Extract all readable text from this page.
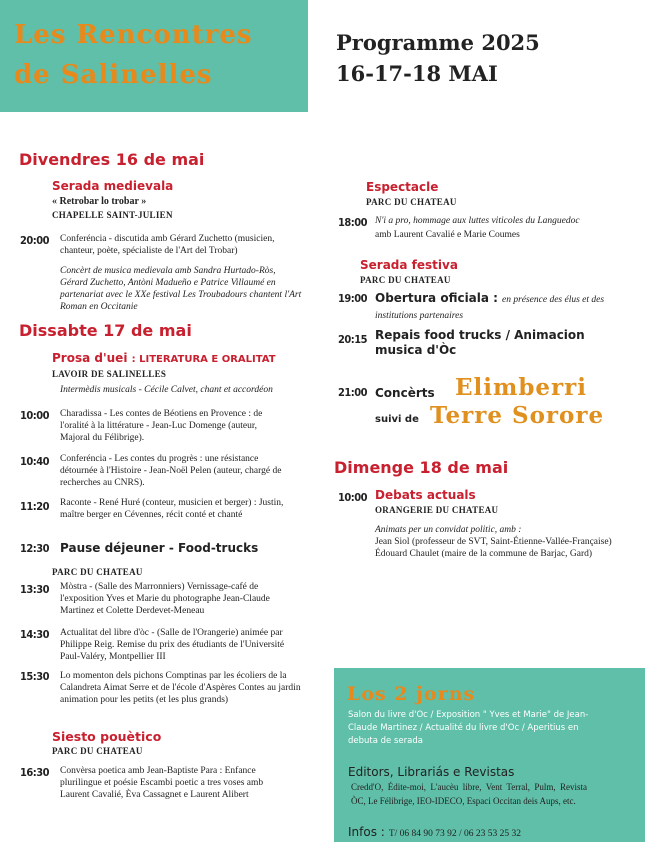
Les Rencontres
de Salinelles
Programme 2025
16-17-18 MAI
Divendres 16 de mai
Serada medievala
« Retrobar lo trobar »
CHAPELLE SAINT-JULIEN
20:00 Conferéncia - discutida amb Gérard Zuchetto (musicien, chanteur, poète, spécialiste de l'Art del Trobar)
Concèrt de musica medievala amb Sandra Hurtado-Ròs, Gérard Zuchetto, Antòni Madueño e Patrice Villaumé en partenariat avec le XXe festival Les Troubadours chantent l'Art Roman en Occitanie
Dissabte 17 de mai
Prosa d'uei : LITERATURA E ORALITAT
LAVOIR DE SALINELLES
Intermèdis musicals - Cécile Calvet, chant et accordéon
10:00 Charadissa - Les contes de Béotiens en Provence : de l'oralité à la littérature - Jean-Luc Domenge (auteur, Majoral du Félibrige).
10:40 Conferéncia - Les contes du progrès : une résistance détournée à l'Histoire - Jean-Noël Pelen (auteur, chargé de recherches au CNRS).
11:20 Raconte - René Huré (conteur, musicien et berger) : Justin, maître berger en Cévennes, récit conté et chanté
12:30 Pause déjeuner - Food-trucks
PARC DU CHATEAU
13:30 Mòstra - (Salle des Marronniers) Vernissage-café de l'exposition Yves et Marie du photographe Jean-Claude Martinez et Colette Derdevet-Meneau
14:30 Actualitat del libre d'òc - (Salle de l'Orangerie) animée par Philippe Reig. Remise du prix des étudiants de l'Université Paul-Valéry, Montpellier III
15:30 Lo momenton dels pichons Comptinas par les écoliers de la Calandreta Aimat Serre et de l'école d'Aspères Contes au jardin animation pour les petits (et les plus grands)
Siesto pouètico
PARC DU CHATEAU
16:30 Convèrsa poetica amb Jean-Baptiste Para : Enfance plurilingue et poésie Escambi poetic a tres voses amb Laurent Cavalié, Èva Cassagnet e Laurent Alibert
Espectacle
PARC DU CHATEAU
18:00 N'i a pro, hommage aux luttes viticoles du Languedoc
amb Laurent Cavalié e Marie Coumes
Serada festiva
PARC DU CHATEAU
19:00 Obertura oficiala : en présence des élus et des institutions partenaires
20:15 Repais food trucks / Animacion musica d'Òc
21:00 Concèrts Elimberri
suivi de Terre Sorore
Dimenge 18 de mai
10:00 Debats actuals
ORANGERIE DU CHATEAU
Animats per un convidat politic, amb :
Jean Siol (professeur de SVT, Saint-Étienne-Vallée-Française)
Édouard Chaulet (maire de la commune de Barjac, Gard)
Los 2 jorns
Salon du livre d'Oc / Exposition " Yves et Marie" de Jean-Claude Martinez / Actualité du livre d'Oc / Aperitius en debuta de serada
Editors, Librariás e Revistas
Credd'O, Édite-moi, L'aucèu libre, Vent Terral, Pulm, Revista ÒC, Le Félibrige, IEO-IDECO, Espaci Occitan deis Aups, etc.
Infos : T/ 06 84 90 73 92 / 06 23 53 25 32
